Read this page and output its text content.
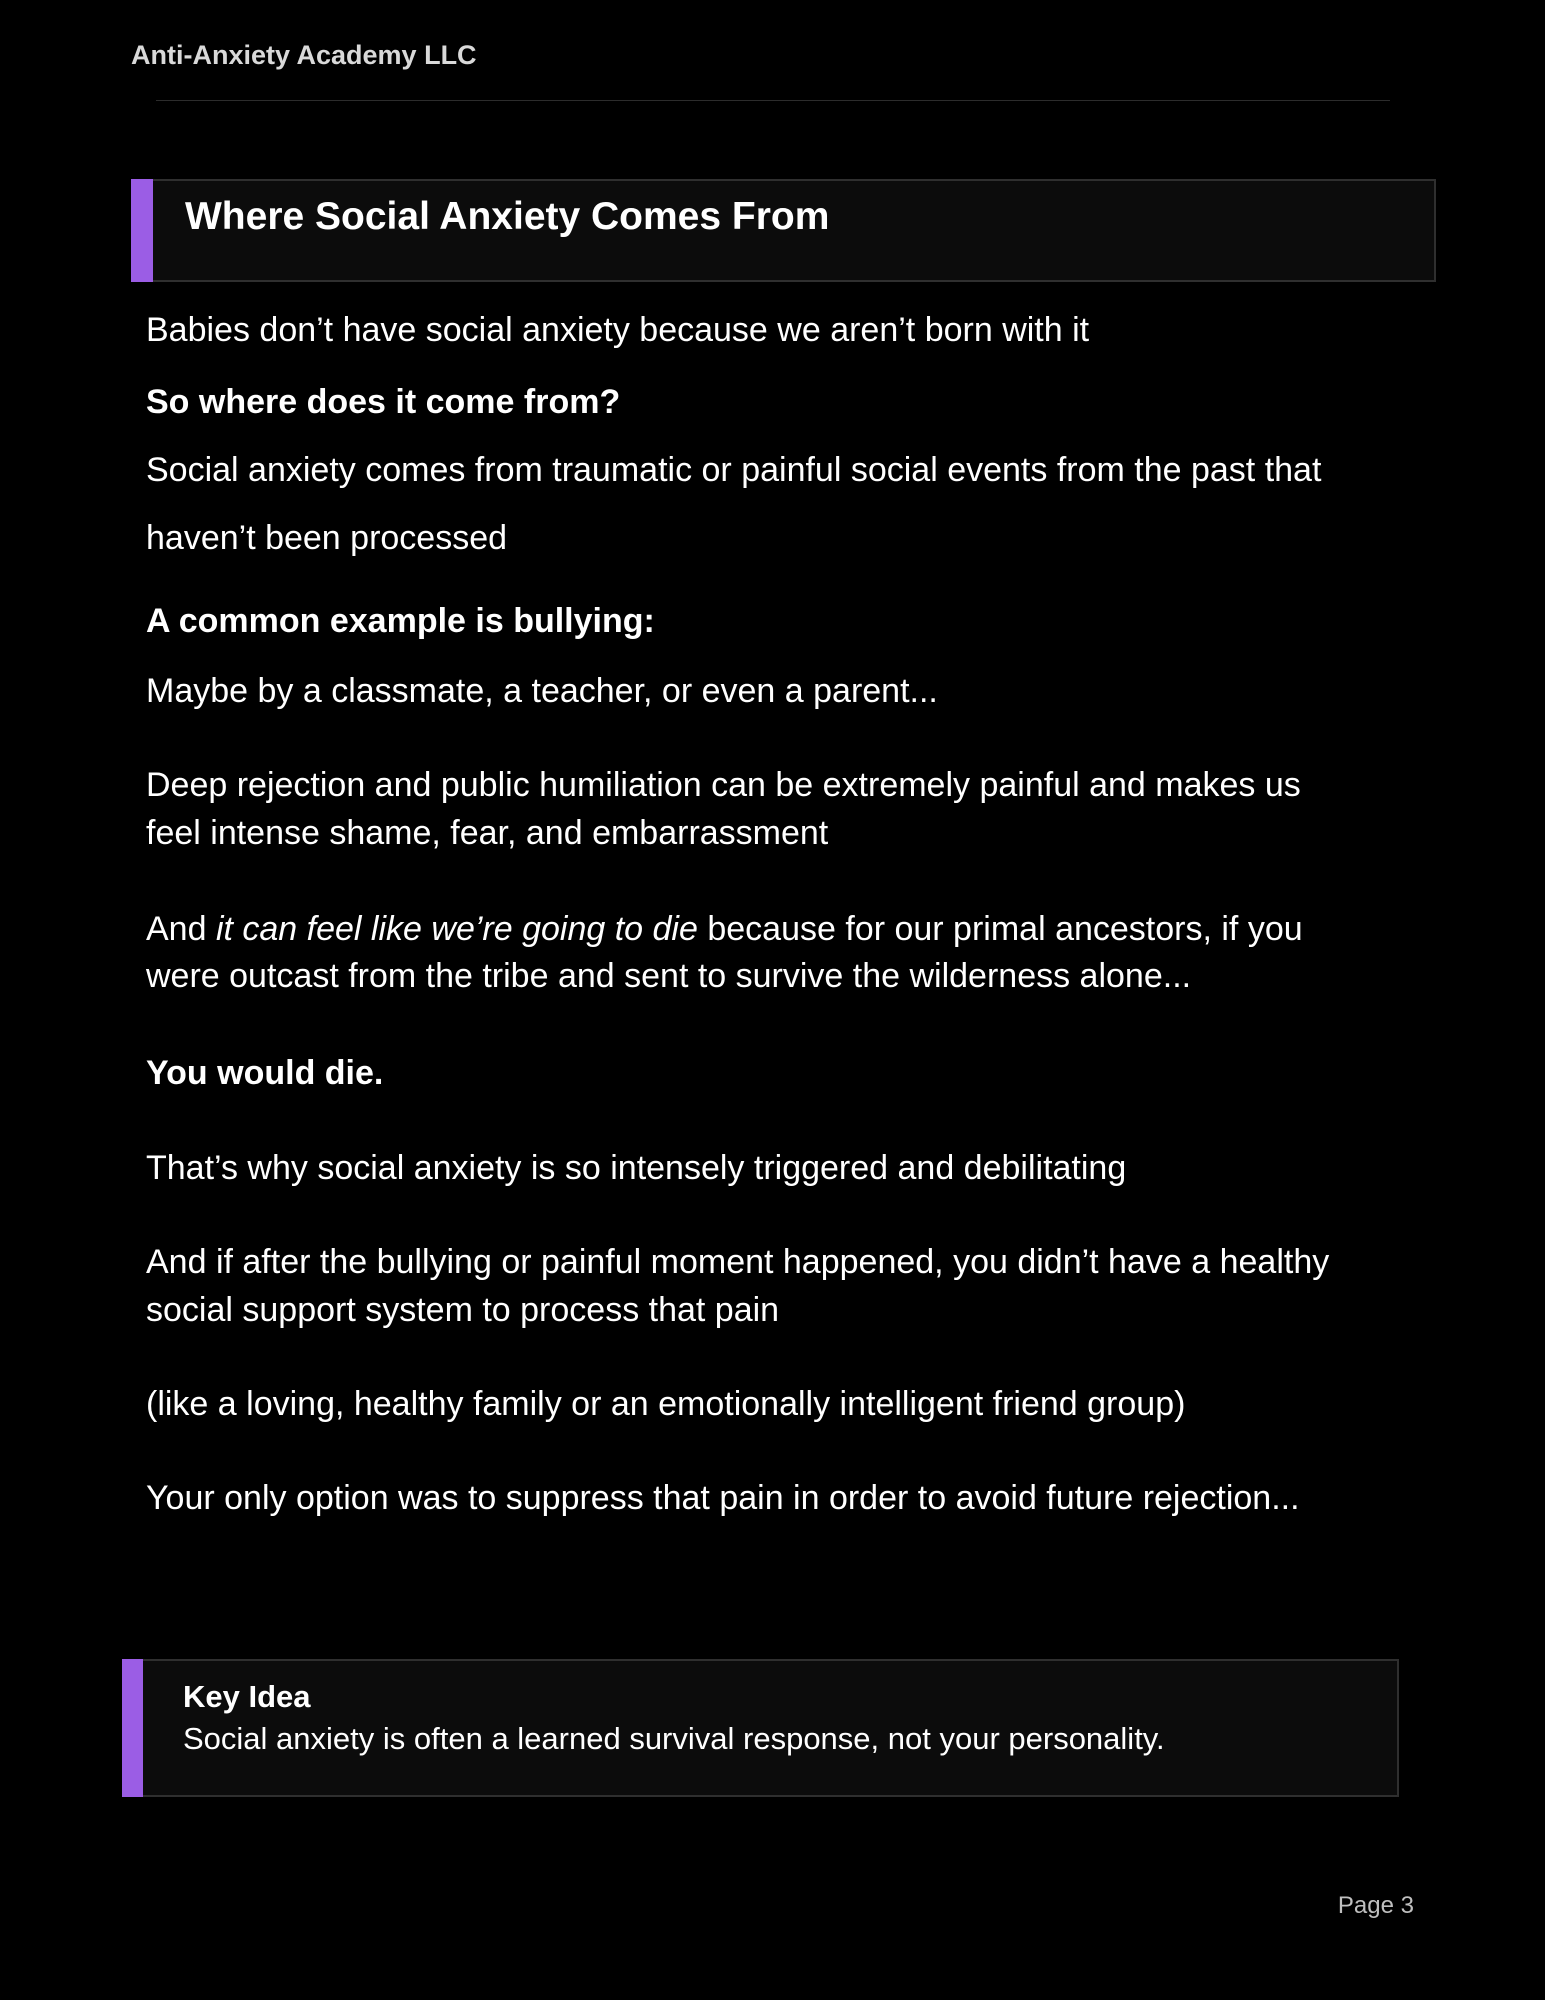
Anti-Anxiety Academy LLC
Where Social Anxiety Comes From
Babies don’t have social anxiety because we aren’t born with it
So where does it come from?
Social anxiety comes from traumatic or painful social events from the past that
haven’t been processed
A common example is bullying:
Maybe by a classmate, a teacher, or even a parent...
Deep rejection and public humiliation can be extremely painful and makes us
feel intense shame, fear, and embarrassment
And it can feel like we’re going to die because for our primal ancestors, if you
were outcast from the tribe and sent to survive the wilderness alone...
You would die.
That’s why social anxiety is so intensely triggered and debilitating
And if after the bullying or painful moment happened, you didn’t have a healthy
social support system to process that pain
(like a loving, healthy family or an emotionally intelligent friend group)
Your only option was to suppress that pain in order to avoid future rejection...
Key Idea
Social anxiety is often a learned survival response, not your personality.
Page 3
